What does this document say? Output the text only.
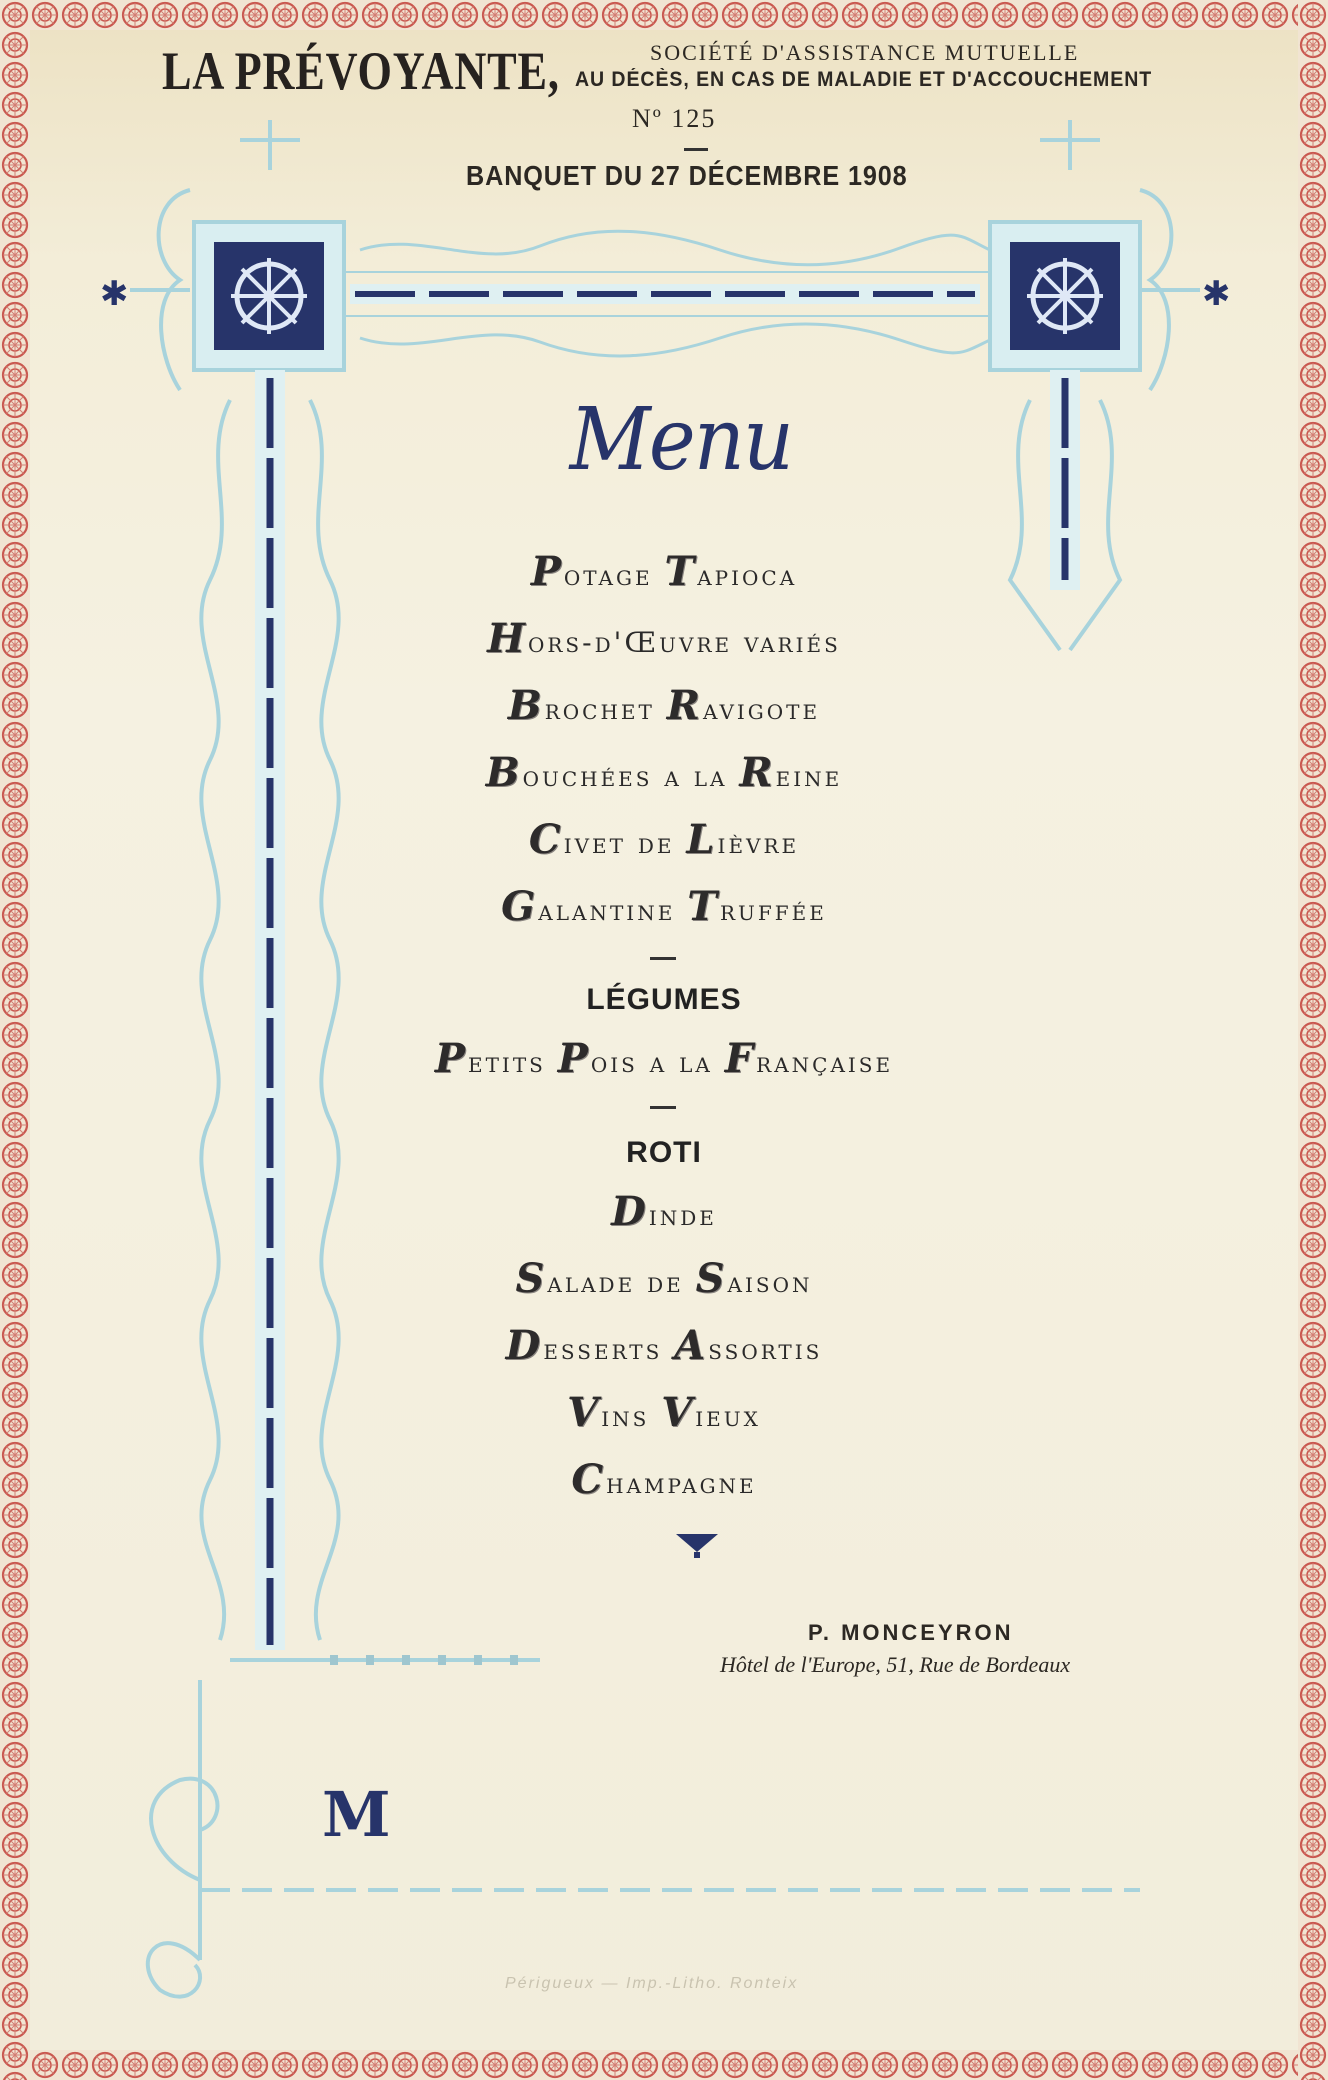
✱	✱

LA PRÉVOYANTE,	SOCIÉTÉ D'ASSISTANCE MUTUELLE

AU DÉCÈS, EN CAS DE MALADIE ET D'ACCOUCHEMENT

Nº 125

BANQUET DU 27 DÉCEMBRE 1908

Menu

Potage Tapioca

Hors-d'Œuvre variés

Brochet Ravigote

Bouchées a la Reine

Civet de Lièvre

Galantine Truffée

LÉGUMES

Petits Pois a la Française

ROTI

Dinde

Salade de Saison

Desserts Assortis

Vins Vieux

Champagne

P. MONCEYRON

Hôtel de l'Europe, 51, Rue de Bordeaux

M

Périgueux — Imp.-Litho. Ronteix
